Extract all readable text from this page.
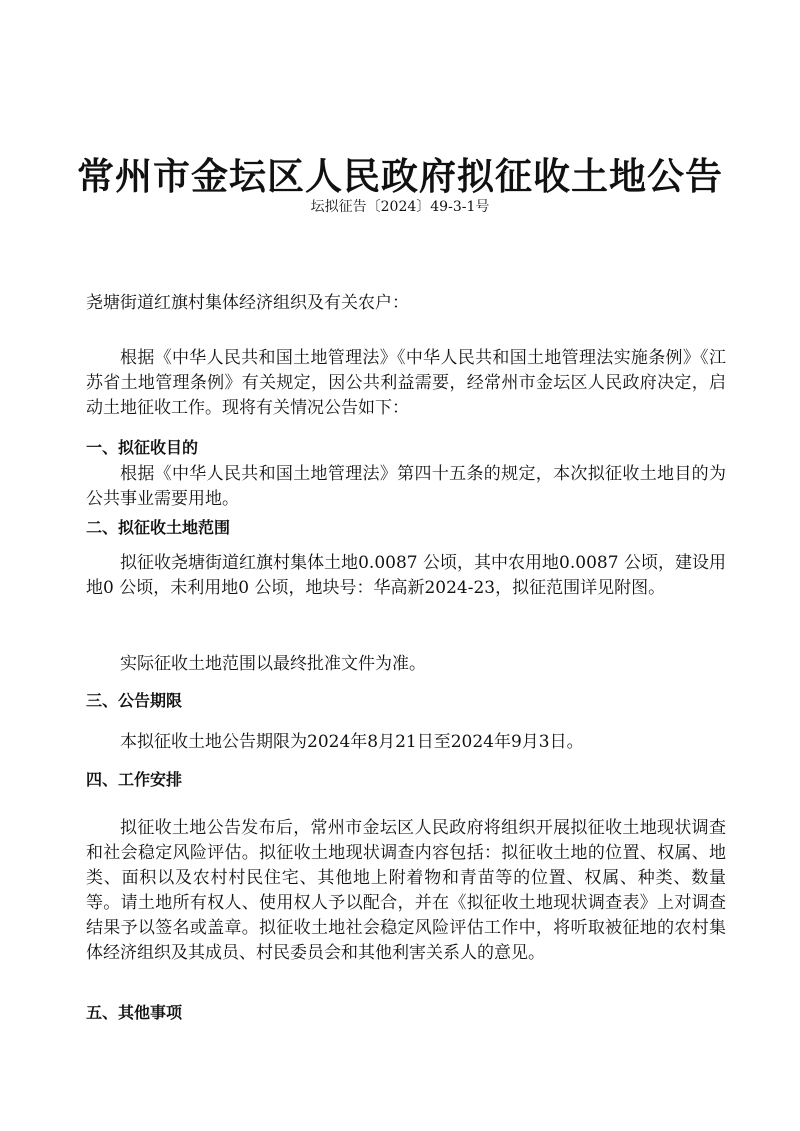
常州市金坛区人民政府拟征收土地公告
坛拟征告〔2024〕49-3-1号
尧塘街道红旗村集体经济组织及有关农户：
根据《中华人民共和国土地管理法》《中华人民共和国土地管理法实施条例》《江苏省土地管理条例》有关规定，因公共利益需要，经常州市金坛区人民政府决定，启动土地征收工作。现将有关情况公告如下：
一、拟征收目的
根据《中华人民共和国土地管理法》第四十五条的规定，本次拟征收土地目的为公共事业需要用地。
二、拟征收土地范围
拟征收尧塘街道红旗村集体土地0.0087 公顷，其中农用地0.0087 公顷，建设用地0 公顷，未利用地0 公顷，地块号：华高新2024-23，拟征范围详见附图。
实际征收土地范围以最终批准文件为准。
三、公告期限
本拟征收土地公告期限为2024年8月21日至2024年9月3日。
四、工作安排
拟征收土地公告发布后，常州市金坛区人民政府将组织开展拟征收土地现状调查和社会稳定风险评估。拟征收土地现状调查内容包括：拟征收土地的位置、权属、地类、面积以及农村村民住宅、其他地上附着物和青苗等的位置、权属、种类、数量等。请土地所有权人、使用权人予以配合，并在《拟征收土地现状调查表》上对调查结果予以签名或盖章。拟征收土地社会稳定风险评估工作中，将听取被征地的农村集体经济组织及其成员、村民委员会和其他利害关系人的意见。
五、其他事项
